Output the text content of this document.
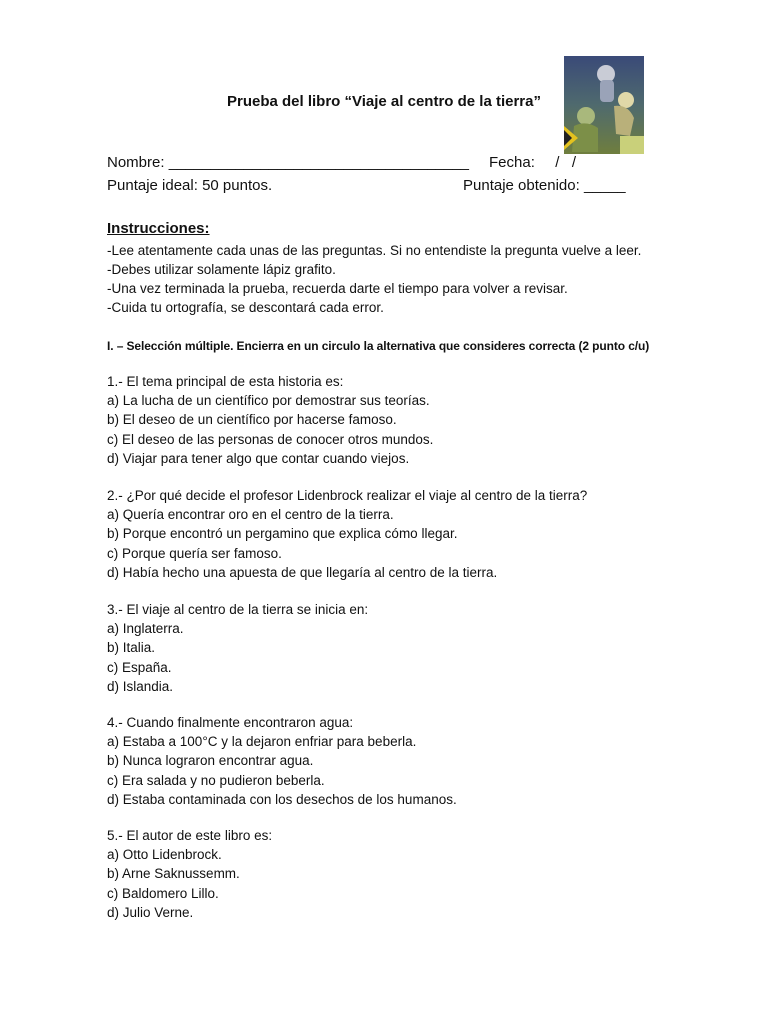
Prueba del libro “Viaje al centro de la tierra”
Nombre: ____________________________________ Fecha: /   /
Puntaje ideal: 50 puntos.	Puntaje obtenido: _____
Instrucciones:
-Lee atentamente cada unas de las preguntas. Si no entendiste la pregunta vuelve a leer.
-Debes utilizar solamente lápiz grafito.
-Una vez terminada la prueba, recuerda darte el tiempo para volver a revisar.
-Cuida tu ortografía, se descontará cada error.
I. – Selección múltiple. Encierra en un circulo la alternativa que consideres correcta (2 punto c/u)
1.- El tema principal de esta historia es:
a) La lucha de un científico por demostrar sus teorías.
b) El deseo de un científico por hacerse famoso.
c) El deseo de las personas de conocer otros mundos.
d) Viajar para tener algo que contar cuando viejos.
2.- ¿Por qué decide el profesor Lidenbrock realizar el viaje al centro de la tierra?
a) Quería encontrar oro en el centro de la tierra.
b) Porque encontró un pergamino que explica cómo llegar.
c) Porque quería ser famoso.
d) Había hecho una apuesta de que llegaría al centro de la tierra.
3.- El viaje al centro de la tierra se inicia en:
a) Inglaterra.
b) Italia.
c) España.
d) Islandia.
4.- Cuando finalmente encontraron agua:
a) Estaba a 100°C y la dejaron enfriar para beberla.
b) Nunca lograron encontrar agua.
c) Era salada y no pudieron beberla.
d) Estaba contaminada con los desechos de los humanos.
5.- El autor de este libro es:
a) Otto Lidenbrock.
b) Arne Saknussemm.
c) Baldomero Lillo.
d) Julio Verne.
